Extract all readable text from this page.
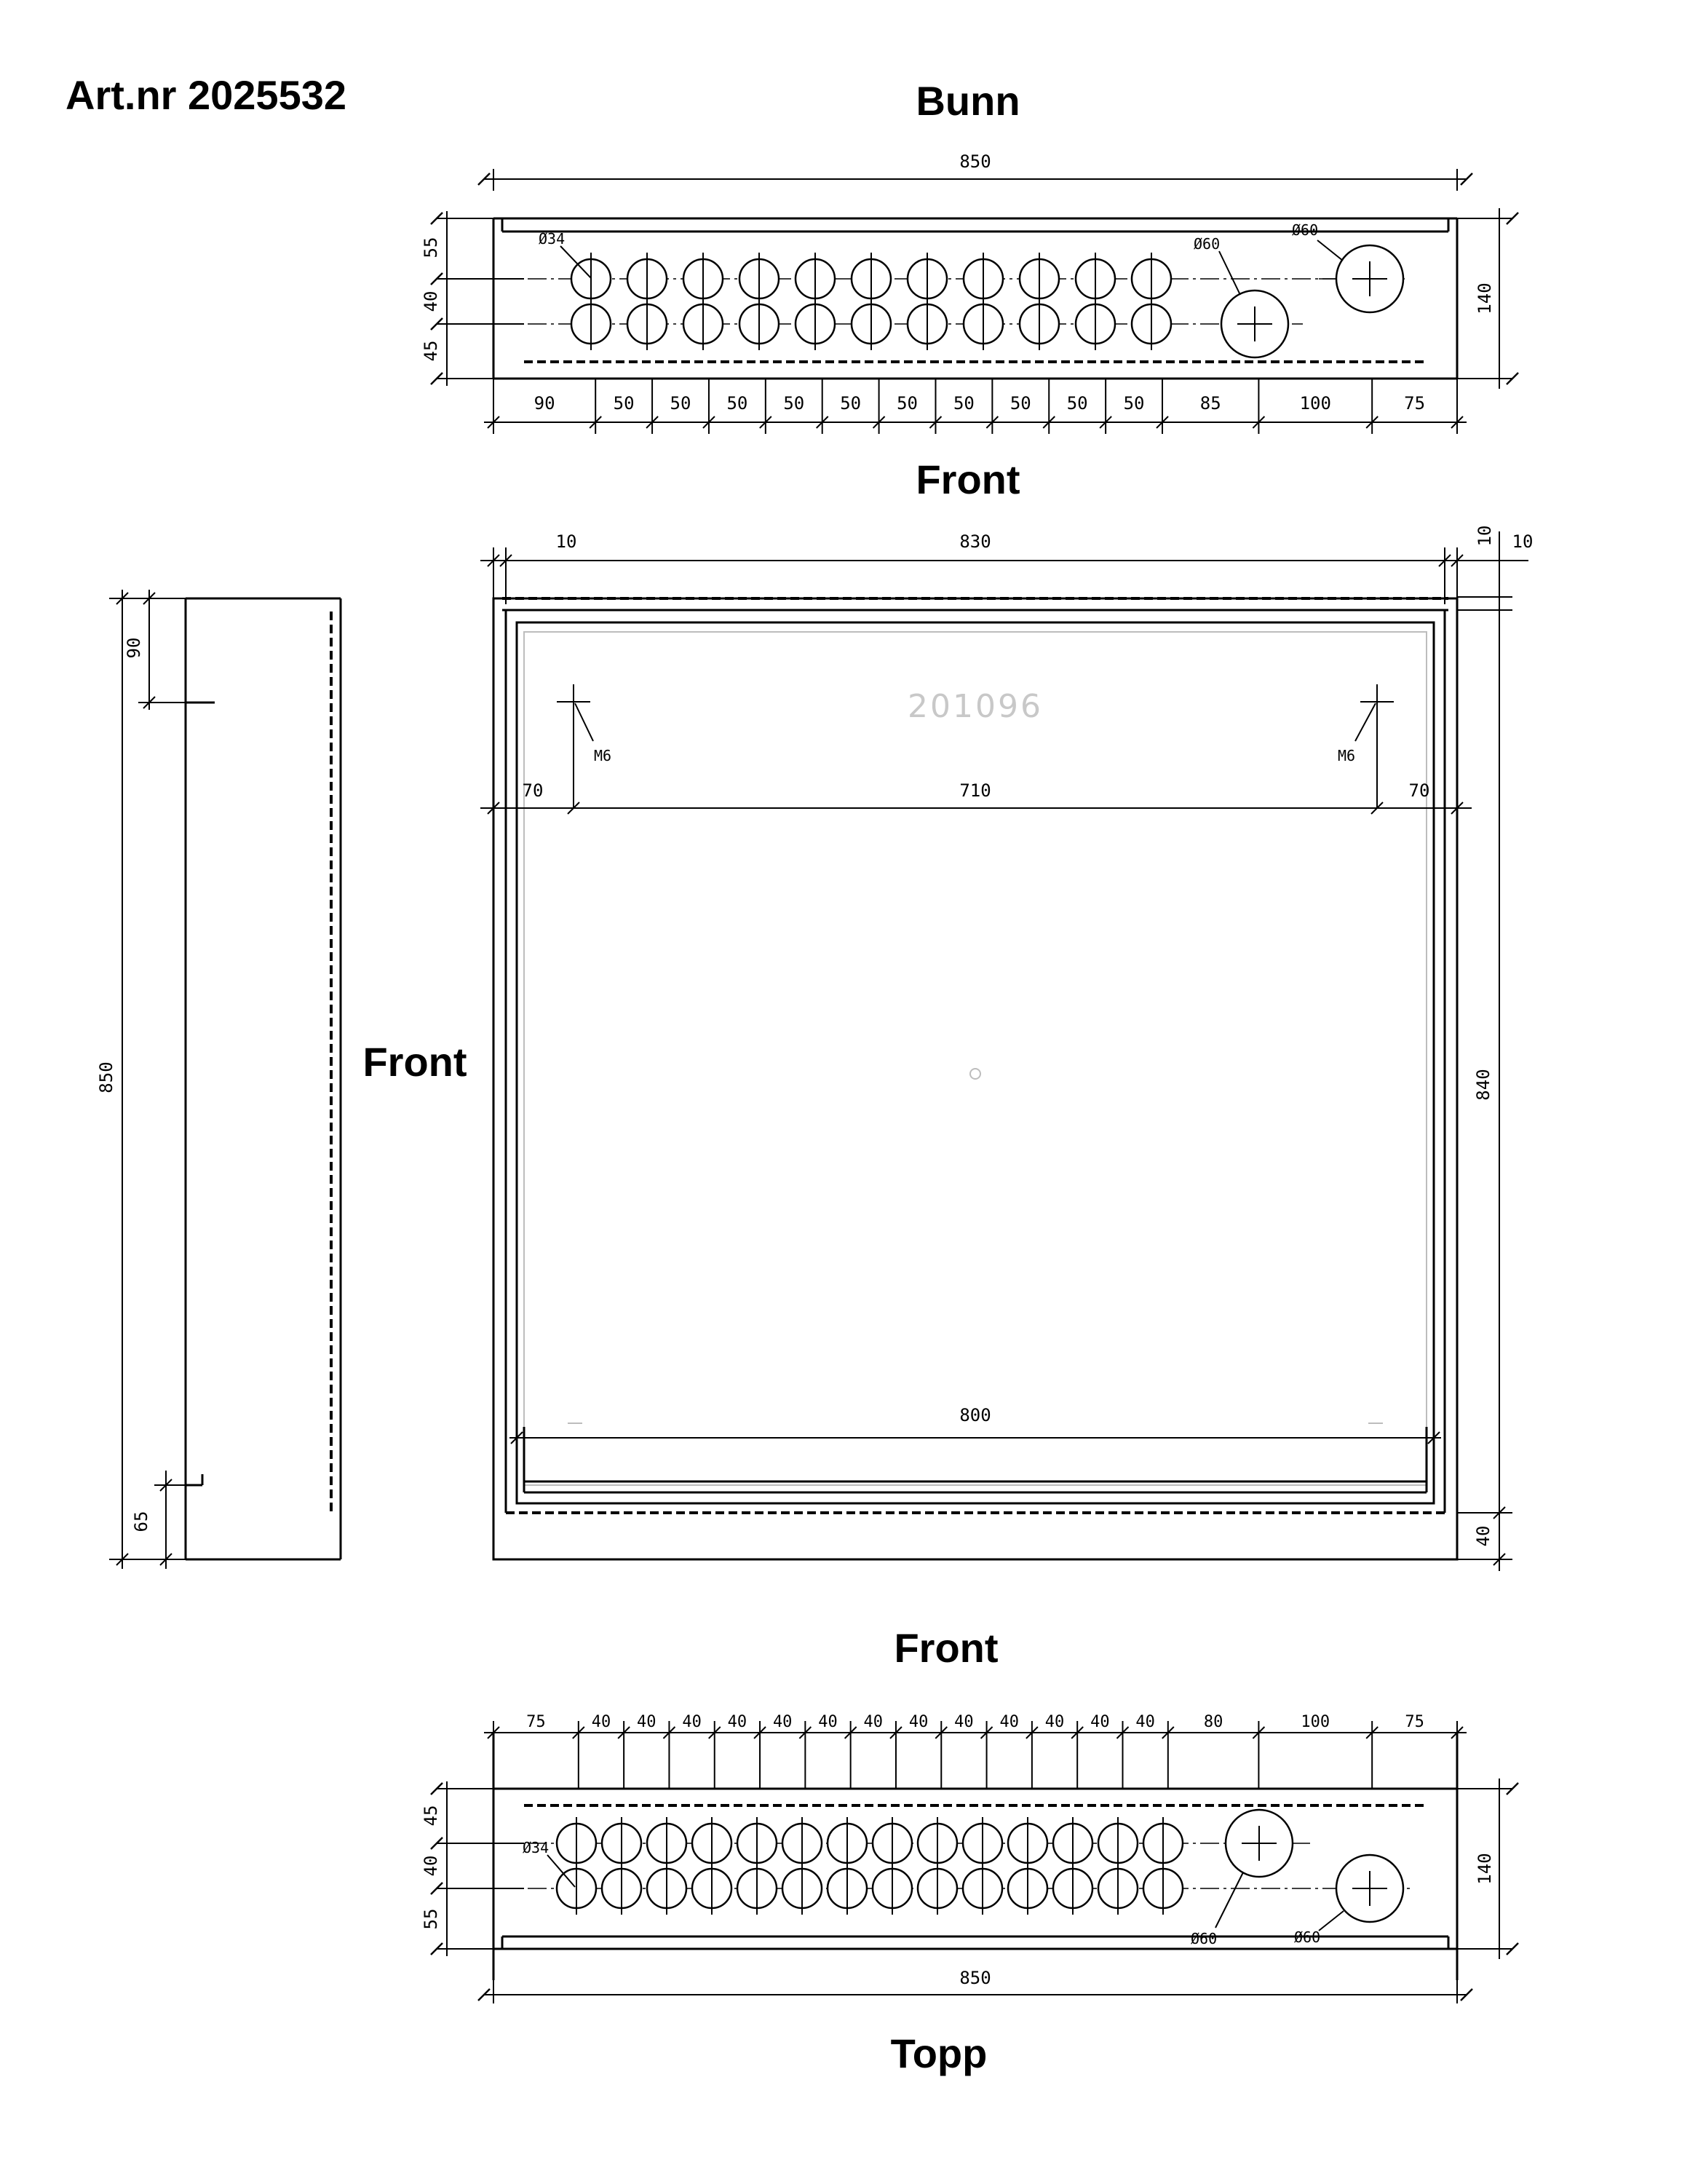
Art.nr 2025532	Bunn
850
55
40
45
140
Ø34	Ø60
Ø60
90	50 50 50 50 50 50 50 50 50 50	85	100	75
Front
10	830	10 10
201096
M6	M6
70	710	70
800
840
40
Front
850
90
65
Front
75	40 40 40 40 40 40 40 40 40 40 40 40 40	80	100	75
45
40
55
140
Ø34
Ø60	Ø60
850
Topp
